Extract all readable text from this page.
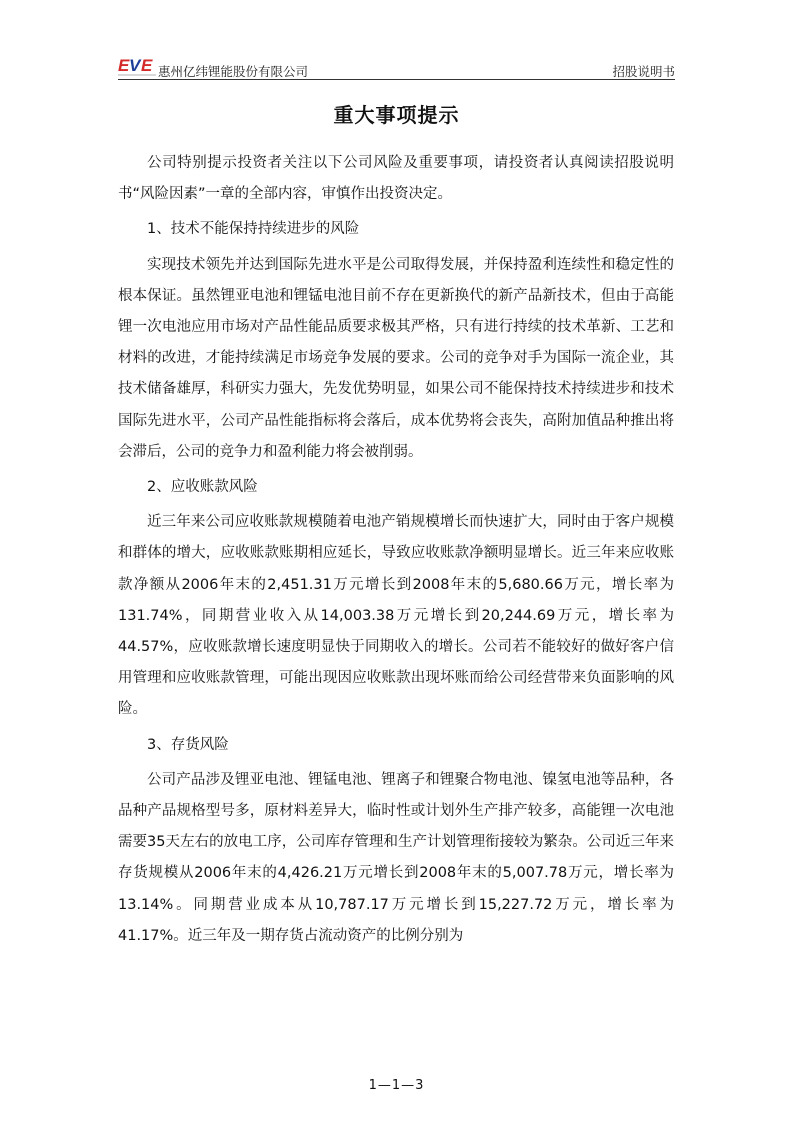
E V E 惠州亿纬锂能股份有限公司	招股说明书
重大事项提示

公司特别提示投资者关注以下公司风险及重要事项，请投资者认真阅读招股说明书“风险因素”一章的全部内容，审慎作出投资决定。

1、技术不能保持持续进步的风险

实现技术领先并达到国际先进水平是公司取得发展，并保持盈利连续性和稳定性的根本保证。虽然锂亚电池和锂锰电池目前不存在更新换代的新产品新技术，但由于高能锂一次电池应用市场对产品性能品质要求极其严格，只有进行持续的技术革新、工艺和材料的改进，才能持续满足市场竞争发展的要求。公司的竞争对手为国际一流企业，其技术储备雄厚，科研实力强大，先发优势明显，如果公司不能保持技术持续进步和技术国际先进水平，公司产品性能指标将会落后，成本优势将会丧失，高附加值品种推出将会滞后，公司的竞争力和盈利能力将会被削弱。

2、应收账款风险

近三年来公司应收账款规模随着电池产销规模增长而快速扩大，同时由于客户规模和群体的增大，应收账款账期相应延长，导致应收账款净额明显增长。近三年来应收账款净额从2006年末的2,451.31万元增长到2008年末的5,680.66万元，增长率为131.74%，同期营业收入从14,003.38万元增长到20,244.69万元，增长率为44.57%，应收账款增长速度明显快于同期收入的增长。公司若不能较好的做好客户信用管理和应收账款管理，可能出现因应收账款出现坏账而给公司经营带来负面影响的风险。

3、存货风险

公司产品涉及锂亚电池、锂锰电池、锂离子和锂聚合物电池、镍氢电池等品种，各品种产品规格型号多，原材料差异大，临时性或计划外生产排产较多，高能锂一次电池需要35天左右的放电工序，公司库存管理和生产计划管理衔接较为繁杂。公司近三年来存货规模从2006年末的4,426.21万元增长到2008年末的5,007.78万元，增长率为13.14%。同期营业成本从10,787.17万元增长到15,227.72万元，增长率为41.17%。近三年及一期存货占流动资产的比例分别为

1—1—3
